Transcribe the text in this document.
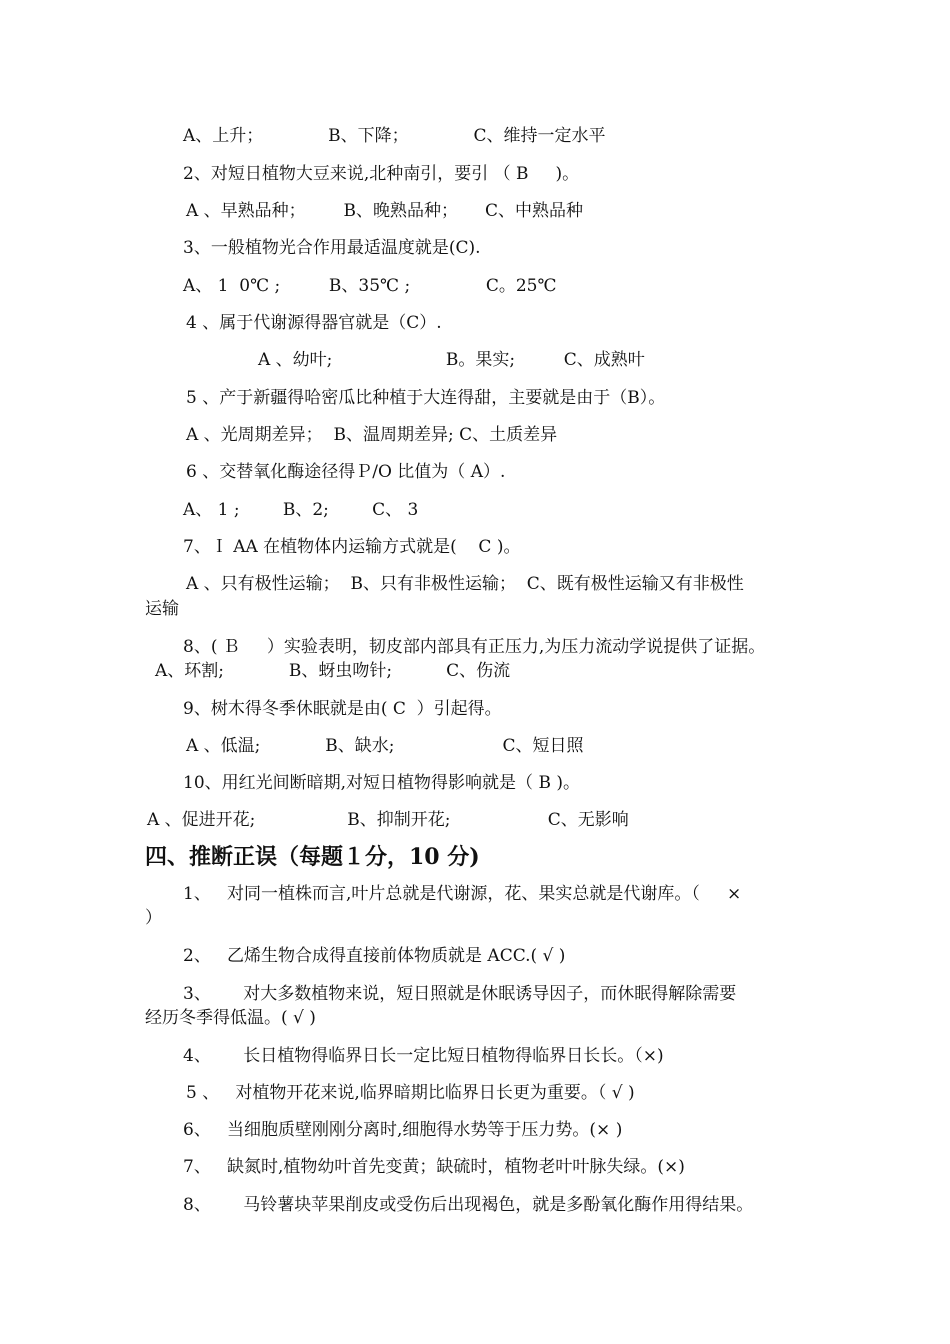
A、上升；            B、下降；            C、维持一定水平
2、对短日植物大豆来说,北种南引，要引 （ B     )。
A 、早熟品种；       B、晚熟品种；     C、中熟品种
3、一般植物光合作用最适温度就是(C).
A、 1  0℃ ;         B、35℃ ;              C。25℃
4 、属于代谢源得器官就是（C）.
A 、幼叶;                     B。果实;         C、成熟叶
5 、产于新疆得哈密瓜比种植于大连得甜，主要就是由于（B）。
A 、光周期差异；  B、温周期差异; C、土质差异
6 、交替氧化酶途径得Ｐ/O 比值为（ A）.
A、 1 ;        B、2;        C、 3
7、Ｉ AA 在植物体内运输方式就是(    C )。
A 、只有极性运输；  B、只有非极性运输；  C、既有极性运输又有非极性
运输
8、( Ｂ     ）实验表明，韧皮部内部具有正压力,为压力流动学说提供了证据。
A、环割;            B、蚜虫吻针;          C、伤流
9、树木得冬季休眠就是由( C  ）引起得。
A 、低温;            B、缺水;                    C、短日照
10、用红光间断暗期,对短日植物得影响就是（ B )。
A 、促进开花;                 B、抑制开花;                  C、无影响
四、推断正误（每题１分，10 分)
1、   对同一植株而言,叶片总就是代谢源，花、果实总就是代谢库。（     ×
）
2、   乙烯生物合成得直接前体物质就是 ACC.( √ )
3、      对大多数植物来说，短日照就是休眠诱导因子，而休眠得解除需要
经历冬季得低温。( √ )
4、      长日植物得临界日长一定比短日植物得临界日长长。（×)
5 、   对植物开花来说,临界暗期比临界日长更为重要。（ √ )
6、   当细胞质壁刚刚分离时,细胞得水势等于压力势。(× )
7、   缺氮时,植物幼叶首先变黄；缺硫时，植物老叶叶脉失绿。(×)
8、      马铃薯块苹果削皮或受伤后出现褐色，就是多酚氧化酶作用得结果。
